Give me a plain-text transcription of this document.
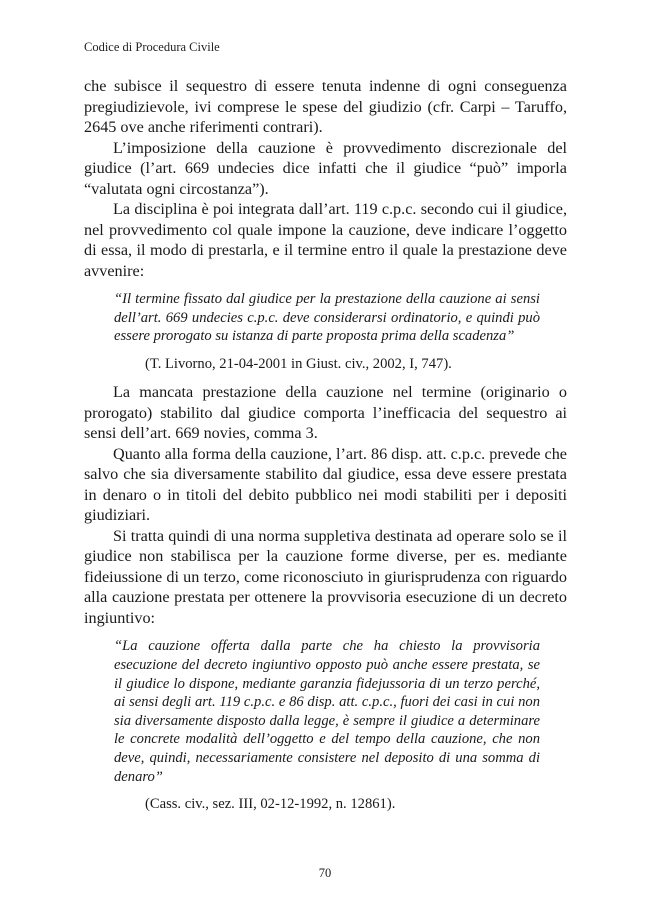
Codice di Procedura Civile

che subisce il sequestro di essere tenuta indenne di ogni conseguenza pregiudizievole, ivi comprese le spese del giudizio (cfr. Carpi – Taruffo, 2645 ove anche riferimenti contrari).

L’imposizione della cauzione è provvedimento discrezionale del giudice (l’art. 669 undecies dice infatti che il giudice “può” imporla “valutata ogni circostanza”).

La disciplina è poi integrata dall’art. 119 c.p.c. secondo cui il giudice, nel provvedimento col quale impone la cauzione, deve indicare l’oggetto di essa, il modo di prestarla, e il termine entro il quale la prestazione deve avvenire:

“Il termine fissato dal giudice per la prestazione della cauzione ai sensi dell’art. 669 undecies c.p.c. deve considerarsi ordinatorio, e quindi può essere prorogato su istanza di parte proposta prima della scadenza”
(T. Livorno, 21-04-2001 in Giust. civ., 2002, I, 747).

La mancata prestazione della cauzione nel termine (originario o prorogato) stabilito dal giudice comporta l’inefficacia del sequestro ai sensi dell’art. 669 novies, comma 3.

Quanto alla forma della cauzione, l’art. 86 disp. att. c.p.c. prevede che salvo che sia diversamente stabilito dal giudice, essa deve essere prestata in denaro o in titoli del debito pubblico nei modi stabiliti per i depositi giudiziari.

Si tratta quindi di una norma suppletiva destinata ad operare solo se il giudice non stabilisca per la cauzione forme diverse, per es. mediante fideiussione di un terzo, come riconosciuto in giurisprudenza con riguardo alla cauzione prestata per ottenere la provvisoria esecuzione di un decreto ingiuntivo:

“La cauzione offerta dalla parte che ha chiesto la provvisoria esecuzione del decreto ingiuntivo opposto può anche essere prestata, se il giudice lo dispone, mediante garanzia fidejussoria di un terzo perché, ai sensi degli art. 119 c.p.c. e 86 disp. att. c.p.c., fuori dei casi in cui non sia diversamente disposto dalla legge, è sempre il giudice a determinare le concrete modalità dell’oggetto e del tempo della cauzione, che non deve, quindi, necessariamente consistere nel deposito di una somma di denaro”
(Cass. civ., sez. III, 02-12-1992, n. 12861).
70
